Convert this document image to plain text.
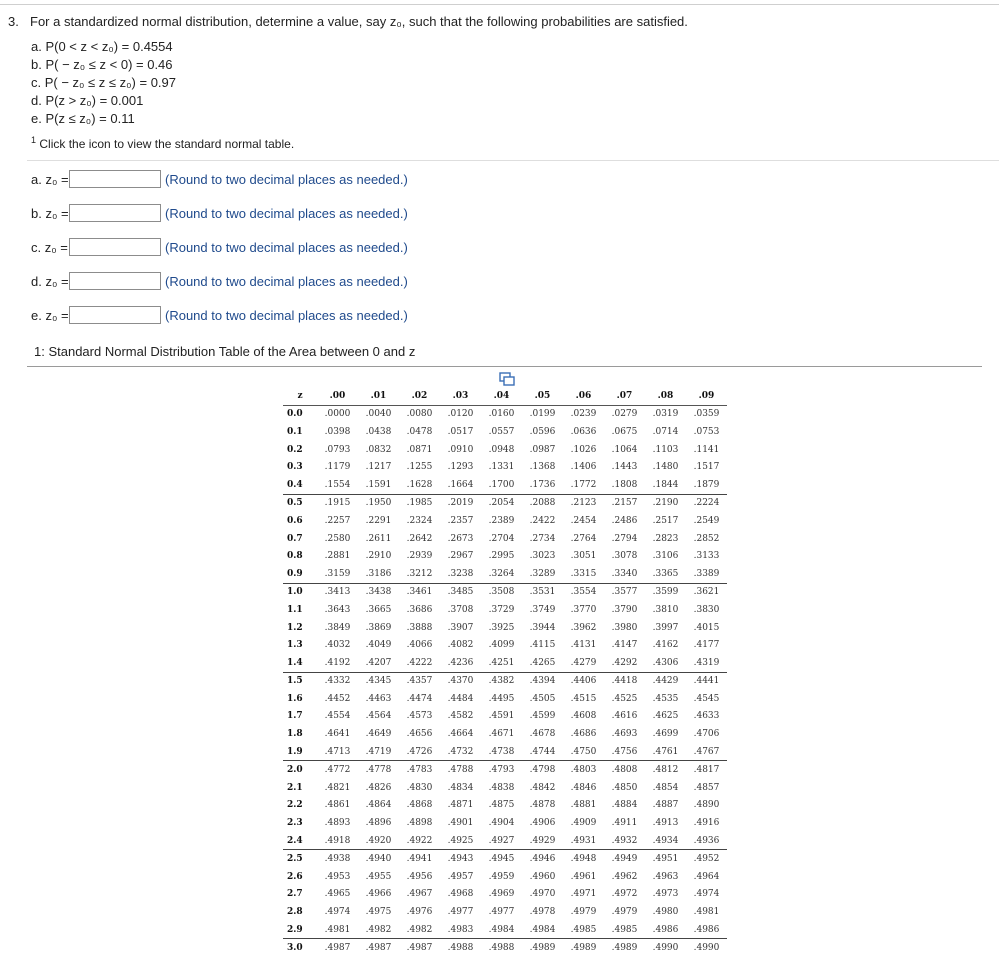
3. For a standardized normal distribution, determine a value, say z₀, such that the following probabilities are satisfied.
a. P(0 < z < z₀) = 0.4554
b. P( − z₀ ≤ z < 0) = 0.46
c. P( − z₀ ≤ z ≤ z₀) = 0.97
d. P(z > z₀) = 0.001
e. P(z ≤ z₀) = 0.11
$^1$ Click the icon to view the standard normal table.
a. z₀ =	(Round to two decimal places as needed.)
b. z₀ =	(Round to two decimal places as needed.)
c. z₀ =	(Round to two decimal places as needed.)
d. z₀ =	(Round to two decimal places as needed.)
e. z₀ =	(Round to two decimal places as needed.)
1: Standard Normal Distribution Table of the Area between 0 and z
z	.00	.01	.02	.03	.04	.05	.06	.07	.08	.09
0.0	.0000	.0040	.0080	.0120	.0160	.0199	.0239	.0279	.0319	.0359
0.1	.0398	.0438	.0478	.0517	.0557	.0596	.0636	.0675	.0714	.0753
0.2	.0793	.0832	.0871	.0910	.0948	.0987	.1026	.1064	.1103	.1141
0.3	.1179	.1217	.1255	.1293	.1331	.1368	.1406	.1443	.1480	.1517
0.4	.1554	.1591	.1628	.1664	.1700	.1736	.1772	.1808	.1844	.1879
0.5	.1915	.1950	.1985	.2019	.2054	.2088	.2123	.2157	.2190	.2224
0.6	.2257	.2291	.2324	.2357	.2389	.2422	.2454	.2486	.2517	.2549
0.7	.2580	.2611	.2642	.2673	.2704	.2734	.2764	.2794	.2823	.2852
0.8	.2881	.2910	.2939	.2967	.2995	.3023	.3051	.3078	.3106	.3133
0.9	.3159	.3186	.3212	.3238	.3264	.3289	.3315	.3340	.3365	.3389
1.0	.3413	.3438	.3461	.3485	.3508	.3531	.3554	.3577	.3599	.3621
1.1	.3643	.3665	.3686	.3708	.3729	.3749	.3770	.3790	.3810	.3830
1.2	.3849	.3869	.3888	.3907	.3925	.3944	.3962	.3980	.3997	.4015
1.3	.4032	.4049	.4066	.4082	.4099	.4115	.4131	.4147	.4162	.4177
1.4	.4192	.4207	.4222	.4236	.4251	.4265	.4279	.4292	.4306	.4319
1.5	.4332	.4345	.4357	.4370	.4382	.4394	.4406	.4418	.4429	.4441
1.6	.4452	.4463	.4474	.4484	.4495	.4505	.4515	.4525	.4535	.4545
1.7	.4554	.4564	.4573	.4582	.4591	.4599	.4608	.4616	.4625	.4633
1.8	.4641	.4649	.4656	.4664	.4671	.4678	.4686	.4693	.4699	.4706
1.9	.4713	.4719	.4726	.4732	.4738	.4744	.4750	.4756	.4761	.4767
2.0	.4772	.4778	.4783	.4788	.4793	.4798	.4803	.4808	.4812	.4817
2.1	.4821	.4826	.4830	.4834	.4838	.4842	.4846	.4850	.4854	.4857
2.2	.4861	.4864	.4868	.4871	.4875	.4878	.4881	.4884	.4887	.4890
2.3	.4893	.4896	.4898	.4901	.4904	.4906	.4909	.4911	.4913	.4916
2.4	.4918	.4920	.4922	.4925	.4927	.4929	.4931	.4932	.4934	.4936
2.5	.4938	.4940	.4941	.4943	.4945	.4946	.4948	.4949	.4951	.4952
2.6	.4953	.4955	.4956	.4957	.4959	.4960	.4961	.4962	.4963	.4964
2.7	.4965	.4966	.4967	.4968	.4969	.4970	.4971	.4972	.4973	.4974
2.8	.4974	.4975	.4976	.4977	.4977	.4978	.4979	.4979	.4980	.4981
2.9	.4981	.4982	.4982	.4983	.4984	.4984	.4985	.4985	.4986	.4986
3.0	.4987	.4987	.4987	.4988	.4988	.4989	.4989	.4989	.4990	.4990
